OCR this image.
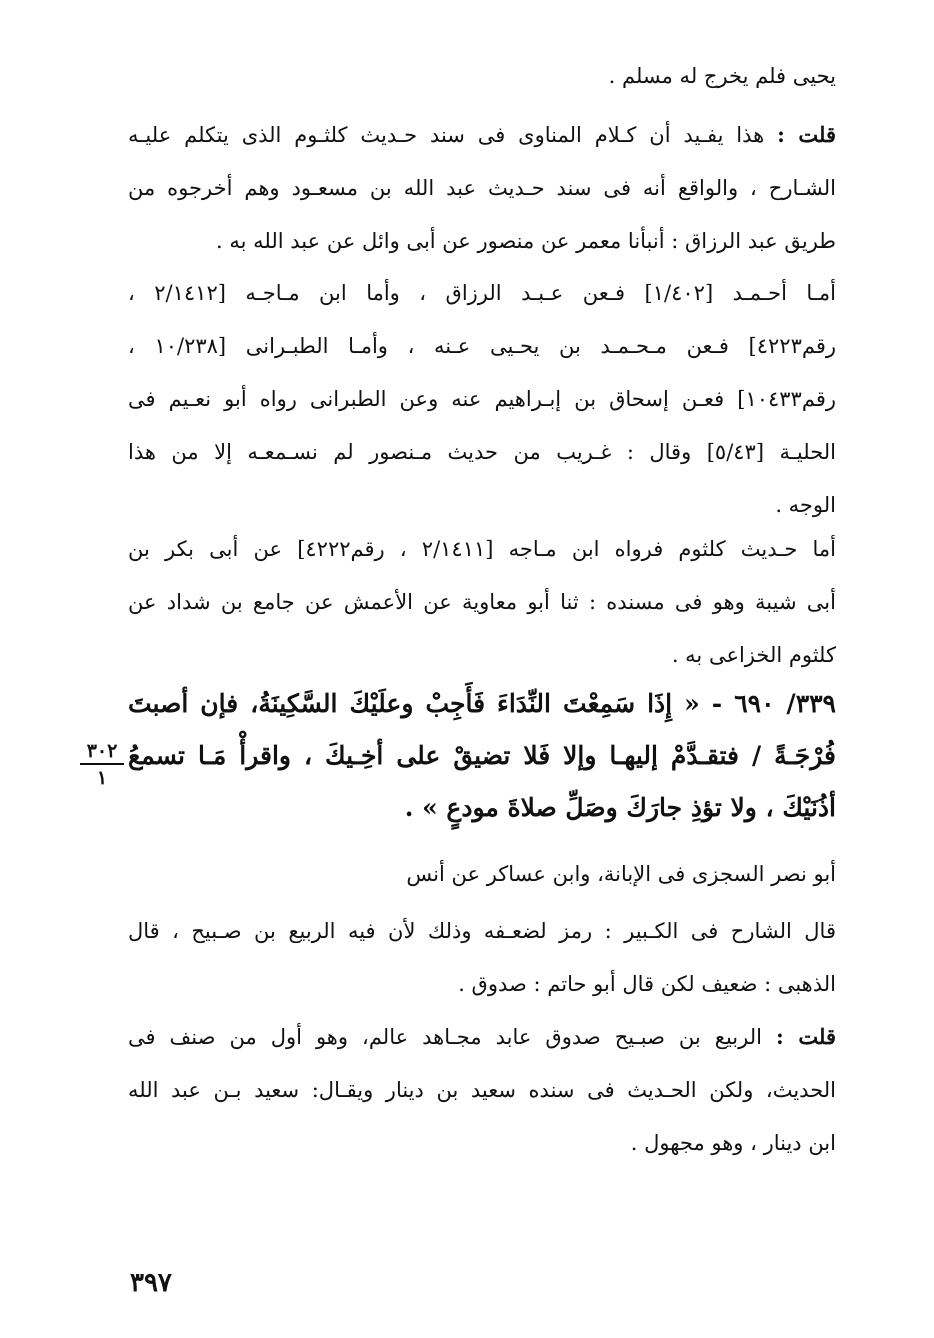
يحيى فلم يخرج له مسلم .
قلت : هذا يفـيد أن كـلام المناوى فى سند حـديث كلثـوم الذى يتكلم عليـه
الشـارح ، والواقع أنه فى سند حـديث عبد الله بن مسعـود وهم أخرجوه من
طريق عبد الرزاق : أنبأنا معمر عن منصور عن أبى وائل عن عبد الله به .
أمـا أحـمـد [١/٤٠٢] فـعن عـبـد الرزاق ، وأما ابن مـاجـه [٢/١٤١٢ ،
رقم٤٢٢٣] فـعن مـحـمـد بن يحـيى عـنه ، وأمـا الطبـرانى [١٠/٢٣٨ ،
رقم١٠٤٣٣] فعـن إسحاق بن إبـراهيم عنه وعن الطبرانى رواه أبو نعـيم فى
الحليـة [٥/٤٣] وقال : غـريب من حديث مـنصور لم نسـمعـه إلا من هذا
الوجه .
أما حـديث كلثوم فرواه ابن مـاجه [٢/١٤١١ ، رقم٤٢٢٢] عن أبى بكر بن
أبى شيبة وهو فى مسنده : ثنا أبو معاوية عن الأعمش عن جامع بن شداد عن
كلثوم الخزاعى به .
٣٣٩/ ٦٩٠ - « إِذَا سَمِعْتَ النِّدَاءَ فَأَجِبْ وعلَيْكَ السَّكِينَةُ، فإن أصبتَ
فُرْجَـةً / فتقـدَّمْ إليهـا وإلا فَلا تضيقْ على أخِـيكَ ، واقرأْ مَـا تسمعُ
أذُنَيْكَ ، ولا تؤذِ جارَكَ وصَلِّ صلاةَ مودعٍ » .
٣٠٢
١
أبو نصر السجزى فى الإبانة، وابن عساكر عن أنس
قال الشارح فى الكـبير : رمز لضعـفه وذلك لأن فيه الربيع بن صـبيح ، قال
الذهبى : ضعيف لكن قال أبو حاتم : صدوق .
قلت : الربيع بن صبـيح صدوق عابد مجـاهد عالم، وهو أول من صنف فى
الحديث، ولكن الحـديث فى سنده سعيد بن دينار ويقـال: سعيد بـن عبد الله
ابن دينار ، وهو مجهول .
٣٩٧
